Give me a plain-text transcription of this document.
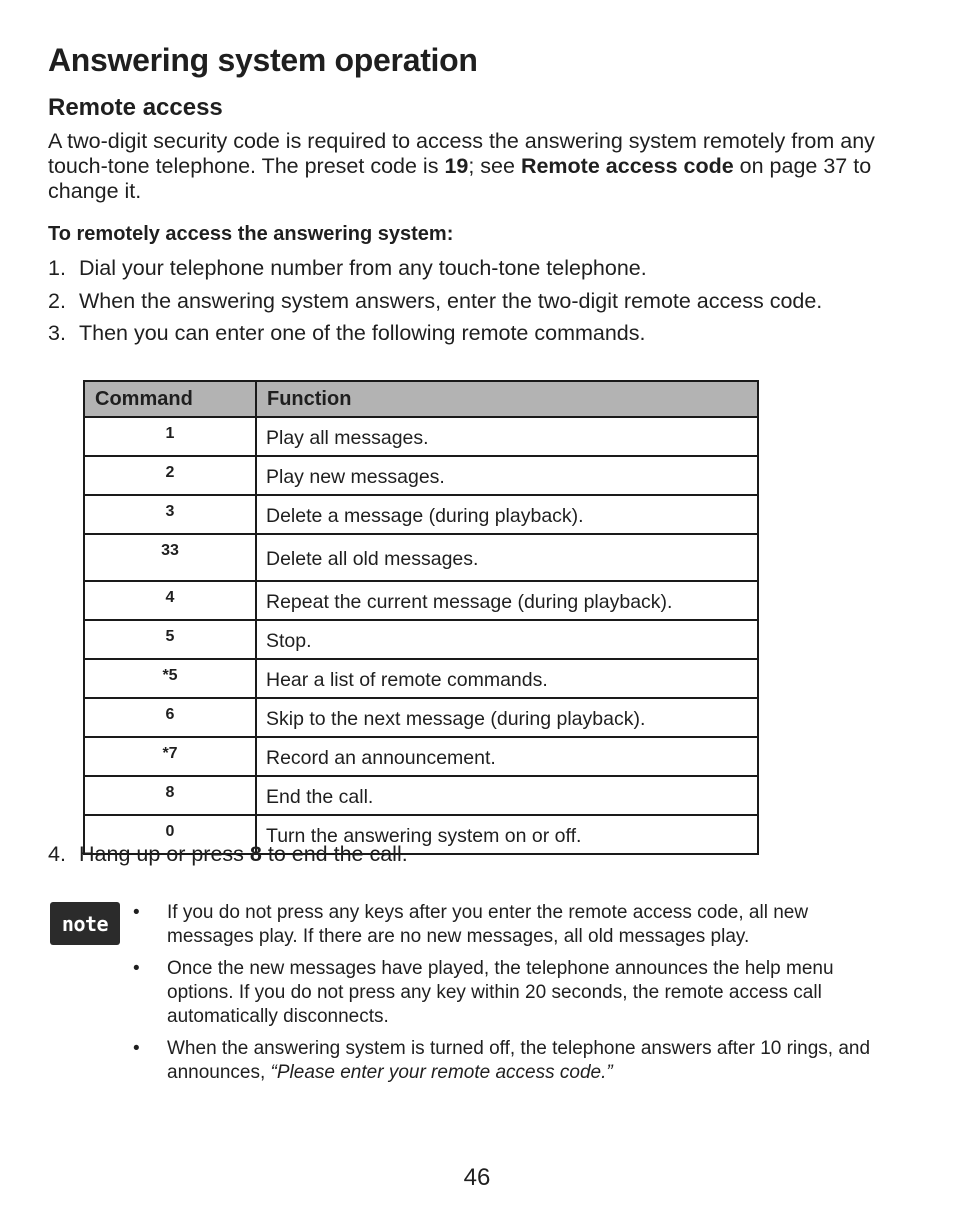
Answering system operation
Remote access

A two-digit security code is required to access the answering system remotely from any touch-tone telephone. The preset code is 19; see Remote access code on page 37 to change it.

To remotely access the answering system:

1. Dial your telephone number from any touch-tone telephone.
2. When the answering system answers, enter the two-digit remote access code.
3. Then you can enter one of the following remote commands.
Command	Function
1	Play all messages.
2	Play new messages.
3	Delete a message (during playback).
33	Delete all old messages.
4	Repeat the current message (during playback).
5	Stop.
*5	Hear a list of remote commands.
6	Skip to the next message (during playback).
*7	Record an announcement.
8	End the call.
0	Turn the answering system on or off.
4. Hang up or press 8 to end the call.
note	•	If you do not press any keys after you enter the remote access code, all new messages play. If there are no new messages, all old messages play.
•	Once the new messages have played, the telephone announces the help menu options. If you do not press any key within 20 seconds, the remote access call automatically disconnects.
•	When the answering system is turned off, the telephone answers after 10 rings, and announces, “Please enter your remote access code.”
46
